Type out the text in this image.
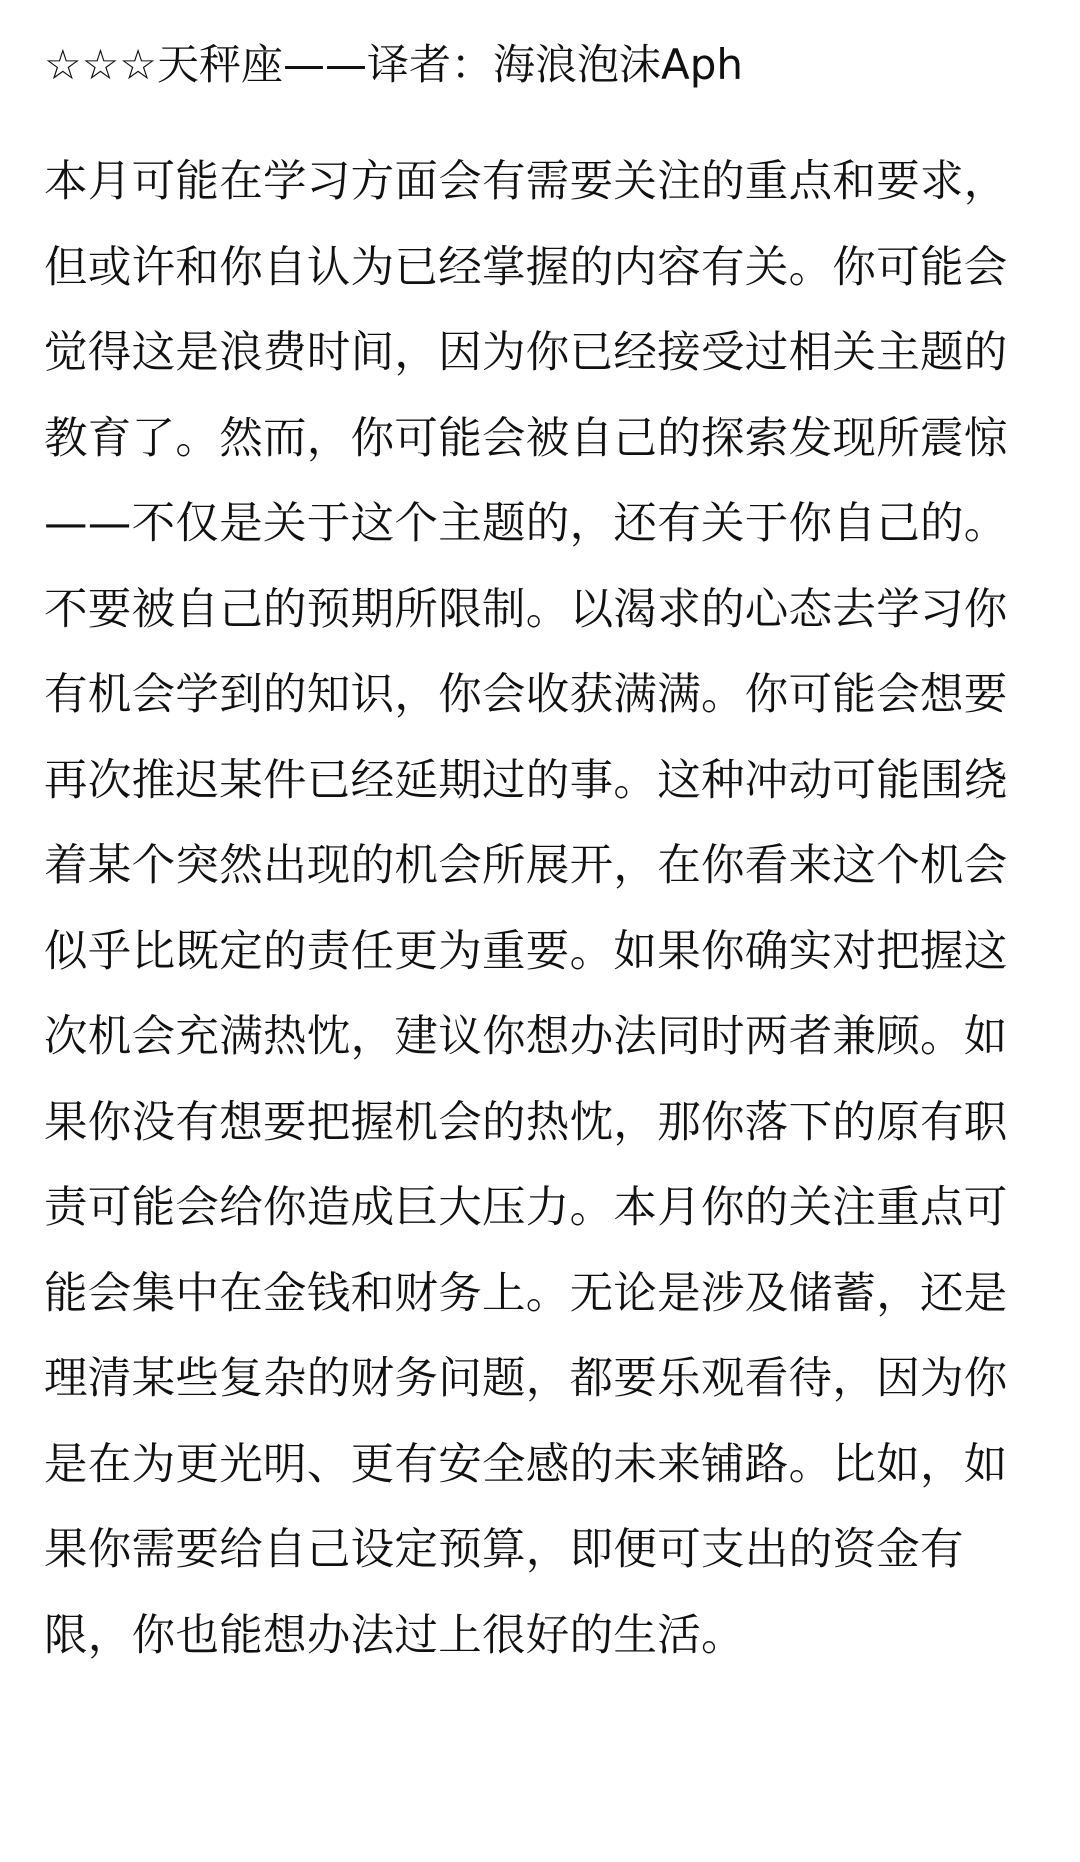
☆☆☆天秤座——译者：海浪泡沫Aph
本月可能在学习方面会有需要关注的重点和要求，但或许和你自认为已经掌握的内容有关。你可能会觉得这是浪费时间，因为你已经接受过相关主题的教育了。然而，你可能会被自己的探索发现所震惊——不仅是关于这个主题的，还有关于你自己的。不要被自己的预期所限制。以渴求的心态去学习你有机会学到的知识，你会收获满满。你可能会想要再次推迟某件已经延期过的事。这种冲动可能围绕着某个突然出现的机会所展开，在你看来这个机会似乎比既定的责任更为重要。如果你确实对把握这次机会充满热忱，建议你想办法同时两者兼顾。如果你没有想要把握机会的热忱，那你落下的原有职责可能会给你造成巨大压力。本月你的关注重点可能会集中在金钱和财务上。无论是涉及储蓄，还是理清某些复杂的财务问题，都要乐观看待，因为你是在为更光明、更有安全感的未来铺路。比如，如果你需要给自己设定预算，即便可支出的资金有限，你也能想办法过上很好的生活。
